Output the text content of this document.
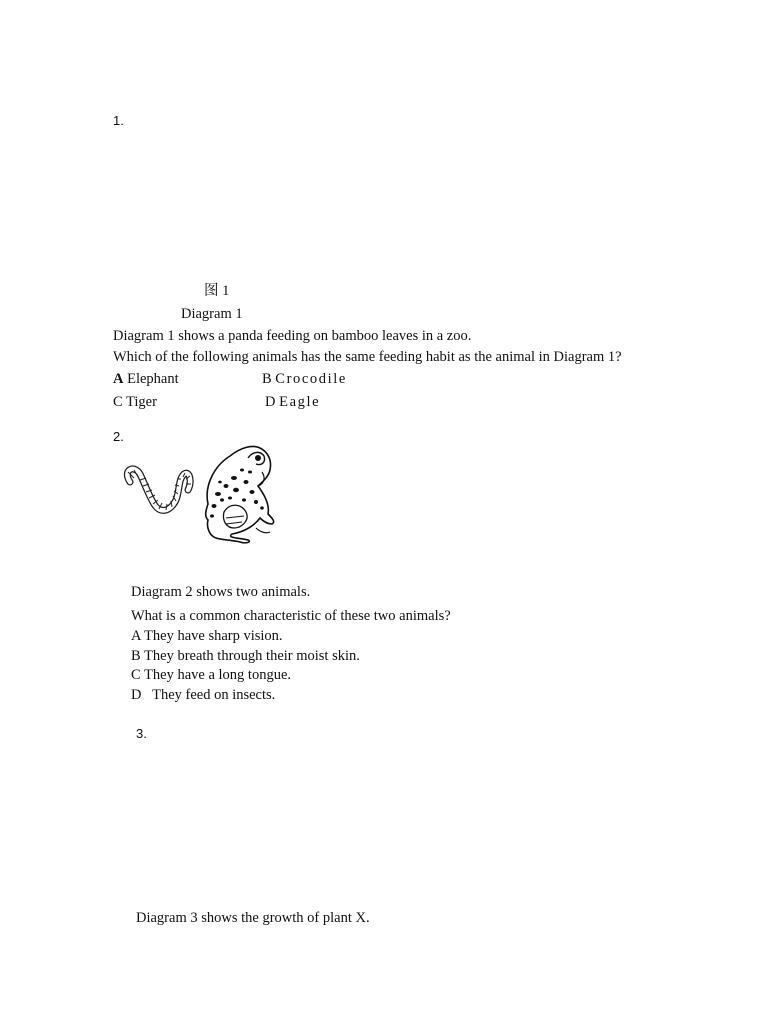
1.
图 1
Diagram 1
Diagram 1 shows a panda feeding on bamboo leaves in a zoo.
Which of the following animals has the same feeding habit as the animal in Diagram 1?
A Elephant	B Crocodile
C Tiger	D Eagle
2.
Diagram 2 shows two animals.
What is a common characteristic of these two animals?
A They have sharp vision.
B They breath through their moist skin.
C They have a long tongue.
D   They feed on insects.
3.
Diagram 3 shows the growth of plant X.
